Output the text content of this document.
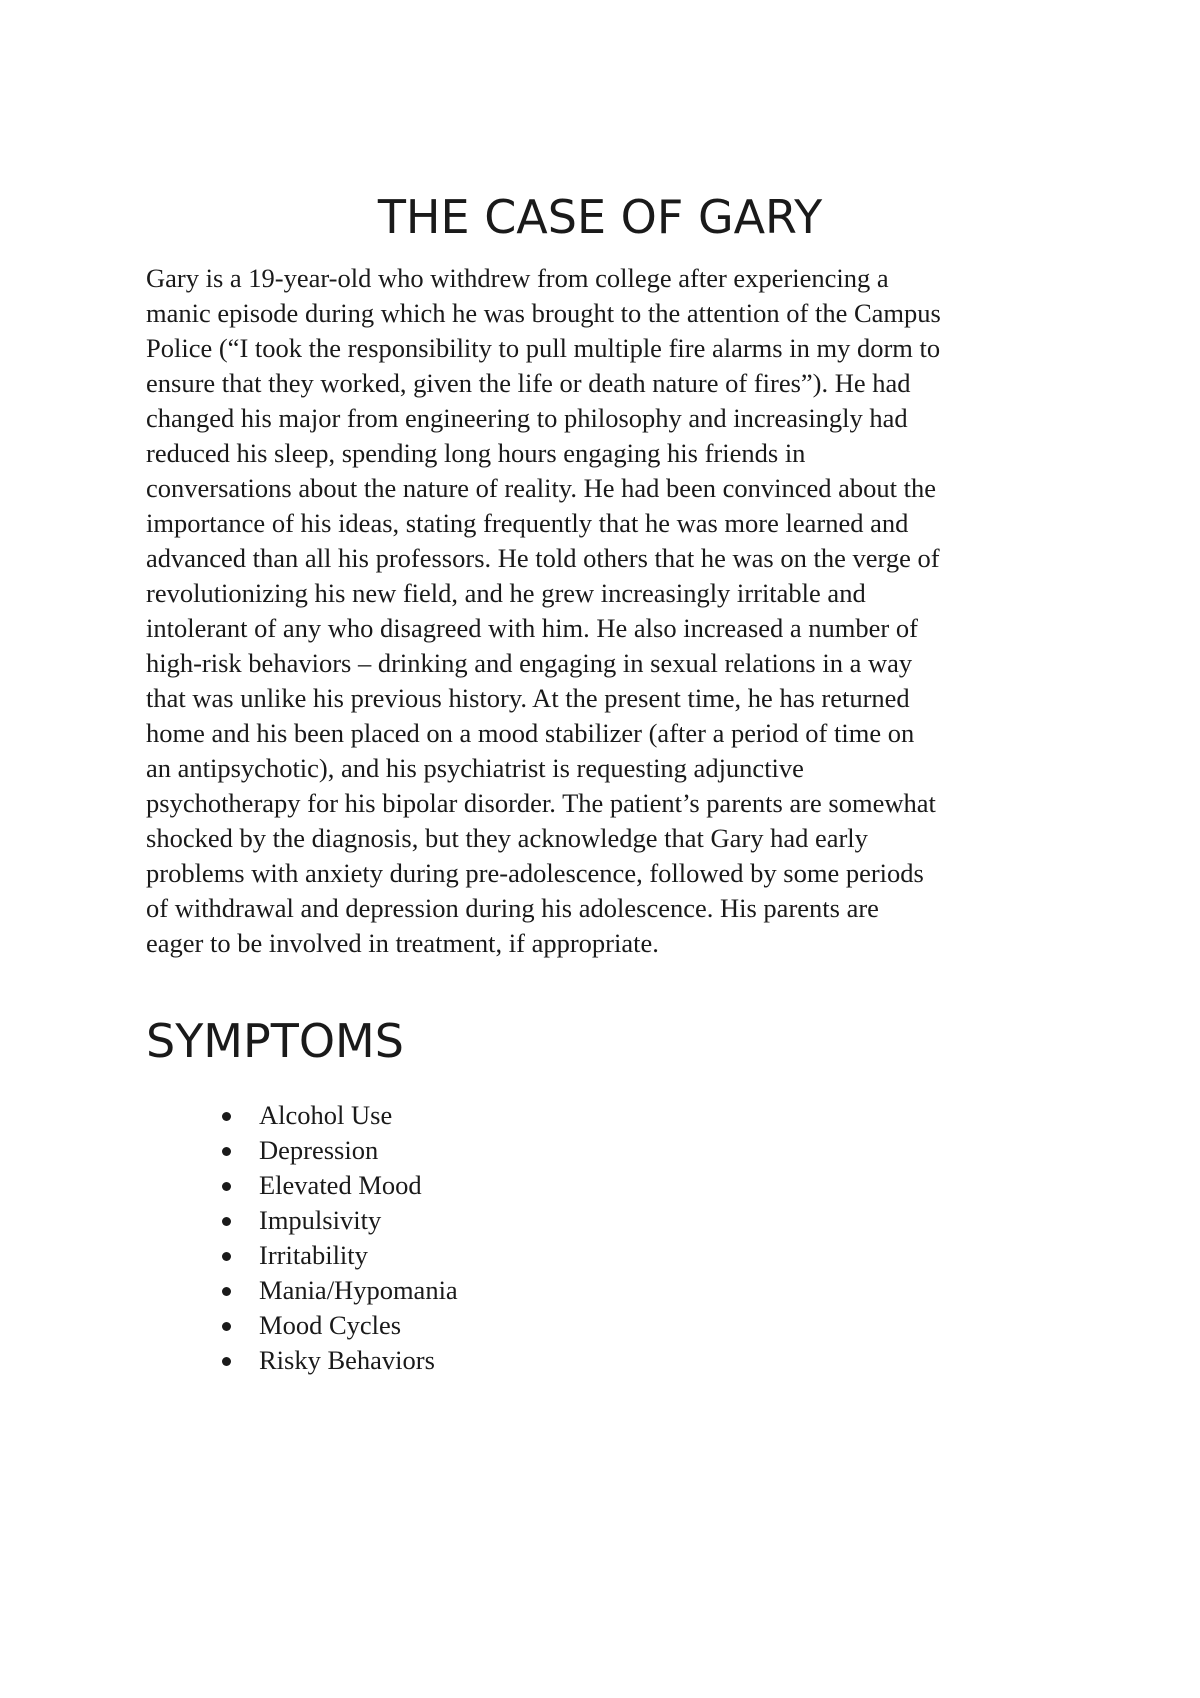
THE CASE OF GARY
Gary is a 19-year-old who withdrew from college after experiencing a
manic episode during which he was brought to the attention of the Campus
Police (“I took the responsibility to pull multiple fire alarms in my dorm to
ensure that they worked, given the life or death nature of fires”). He had
changed his major from engineering to philosophy and increasingly had
reduced his sleep, spending long hours engaging his friends in
conversations about the nature of reality. He had been convinced about the
importance of his ideas, stating frequently that he was more learned and
advanced than all his professors. He told others that he was on the verge of
revolutionizing his new field, and he grew increasingly irritable and
intolerant of any who disagreed with him. He also increased a number of
high-risk behaviors – drinking and engaging in sexual relations in a way
that was unlike his previous history. At the present time, he has returned
home and his been placed on a mood stabilizer (after a period of time on
an antipsychotic), and his psychiatrist is requesting adjunctive
psychotherapy for his bipolar disorder. The patient’s parents are somewhat
shocked by the diagnosis, but they acknowledge that Gary had early
problems with anxiety during pre-adolescence, followed by some periods
of withdrawal and depression during his adolescence. His parents are
eager to be involved in treatment, if appropriate.
SYMPTOMS
Alcohol Use
Depression
Elevated Mood
Impulsivity
Irritability
Mania/Hypomania
Mood Cycles
Risky Behaviors
